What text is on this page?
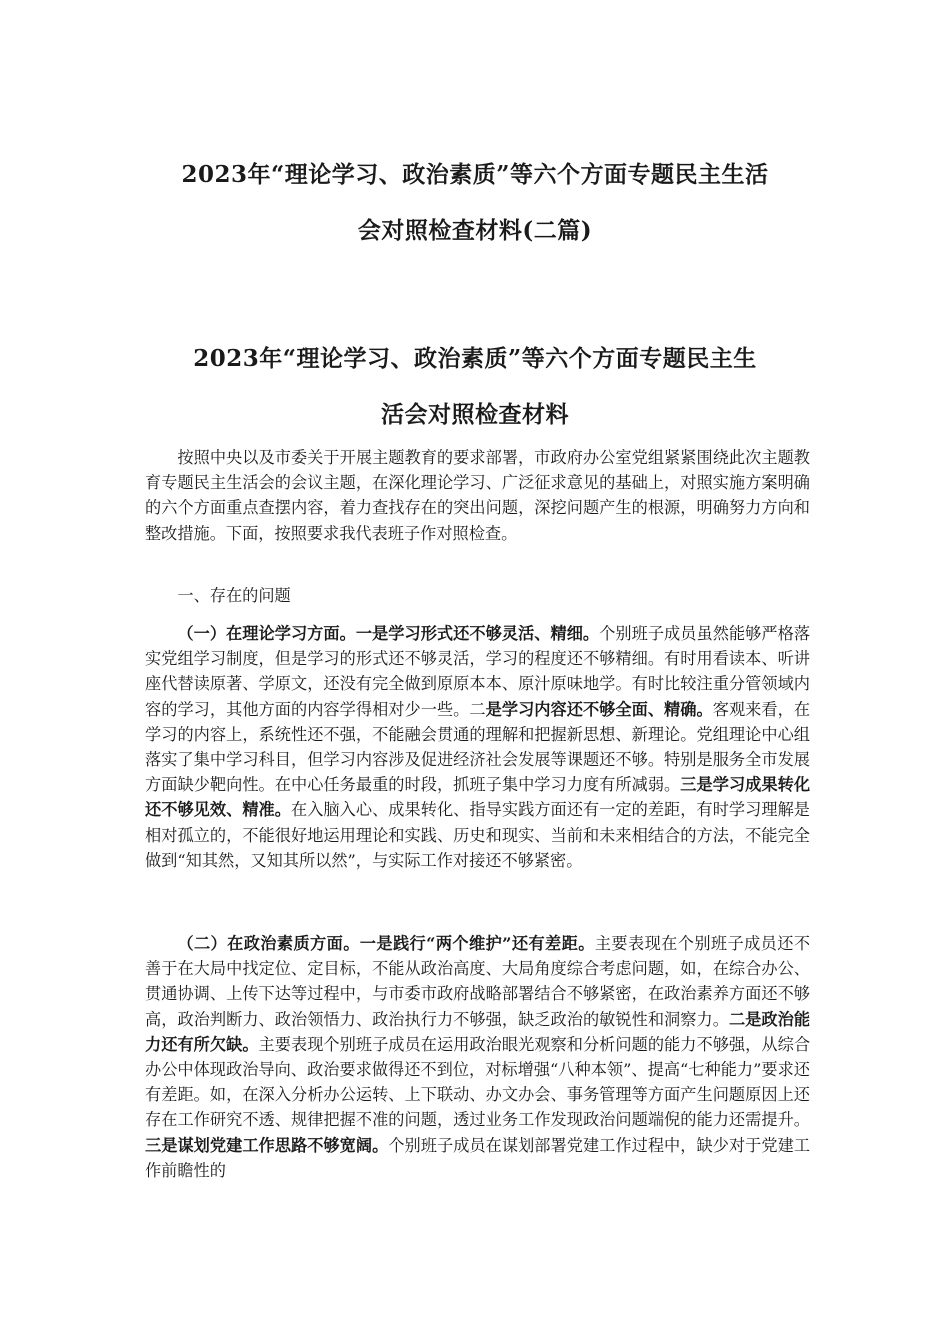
2023年“理论学习、政治素质”等六个方面专题民主生活
会对照检查材料(二篇)
2023年“理论学习、政治素质”等六个方面专题民主生
活会对照检查材料

按照中央以及市委关于开展主题教育的要求部署，市政府办公室党组紧紧围绕此次主题教育专题民主生活会的会议主题，在深化理论学习、广泛征求意见的基础上，对照实施方案明确的六个方面重点查摆内容，着力查找存在的突出问题，深挖问题产生的根源，明确努力方向和整改措施。下面，按照要求我代表班子作对照检查。

一、存在的问题

（一）在理论学习方面。一是学习形式还不够灵活、精细。个别班子成员虽然能够严格落实党组学习制度，但是学习的形式还不够灵活，学习的程度还不够精细。有时用看读本、听讲座代替读原著、学原文，还没有完全做到原原本本、原汁原味地学。有时比较注重分管领域内容的学习，其他方面的内容学得相对少一些。二是学习内容还不够全面、精确。客观来看，在学习的内容上，系统性还不强，不能融会贯通的理解和把握新思想、新理论。党组理论中心组落实了集中学习科目，但学习内容涉及促进经济社会发展等课题还不够。特别是服务全市发展方面缺少靶向性。在中心任务最重的时段，抓班子集中学习力度有所减弱。三是学习成果转化还不够见效、精准。在入脑入心、成果转化、指导实践方面还有一定的差距，有时学习理解是相对孤立的，不能很好地运用理论和实践、历史和现实、当前和未来相结合的方法，不能完全做到“知其然，又知其所以然”，与实际工作对接还不够紧密。

（二）在政治素质方面。一是践行“两个维护”还有差距。主要表现在个别班子成员还不善于在大局中找定位、定目标，不能从政治高度、大局角度综合考虑问题，如，在综合办公、贯通协调、上传下达等过程中，与市委市政府战略部署结合不够紧密，在政治素养方面还不够高，政治判断力、政治领悟力、政治执行力不够强，缺乏政治的敏锐性和洞察力。二是政治能力还有所欠缺。主要表现个别班子成员在运用政治眼光观察和分析问题的能力不够强，从综合办公中体现政治导向、政治要求做得还不到位，对标增强“八种本领”、提高“七种能力”要求还有差距。如，在深入分析办公运转、上下联动、办文办会、事务管理等方面产生问题原因上还存在工作研究不透、规律把握不准的问题，透过业务工作发现政治问题端倪的能力还需提升。三是谋划党建工作思路不够宽阔。个别班子成员在谋划部署党建工作过程中，缺少对于党建工作前瞻性的
